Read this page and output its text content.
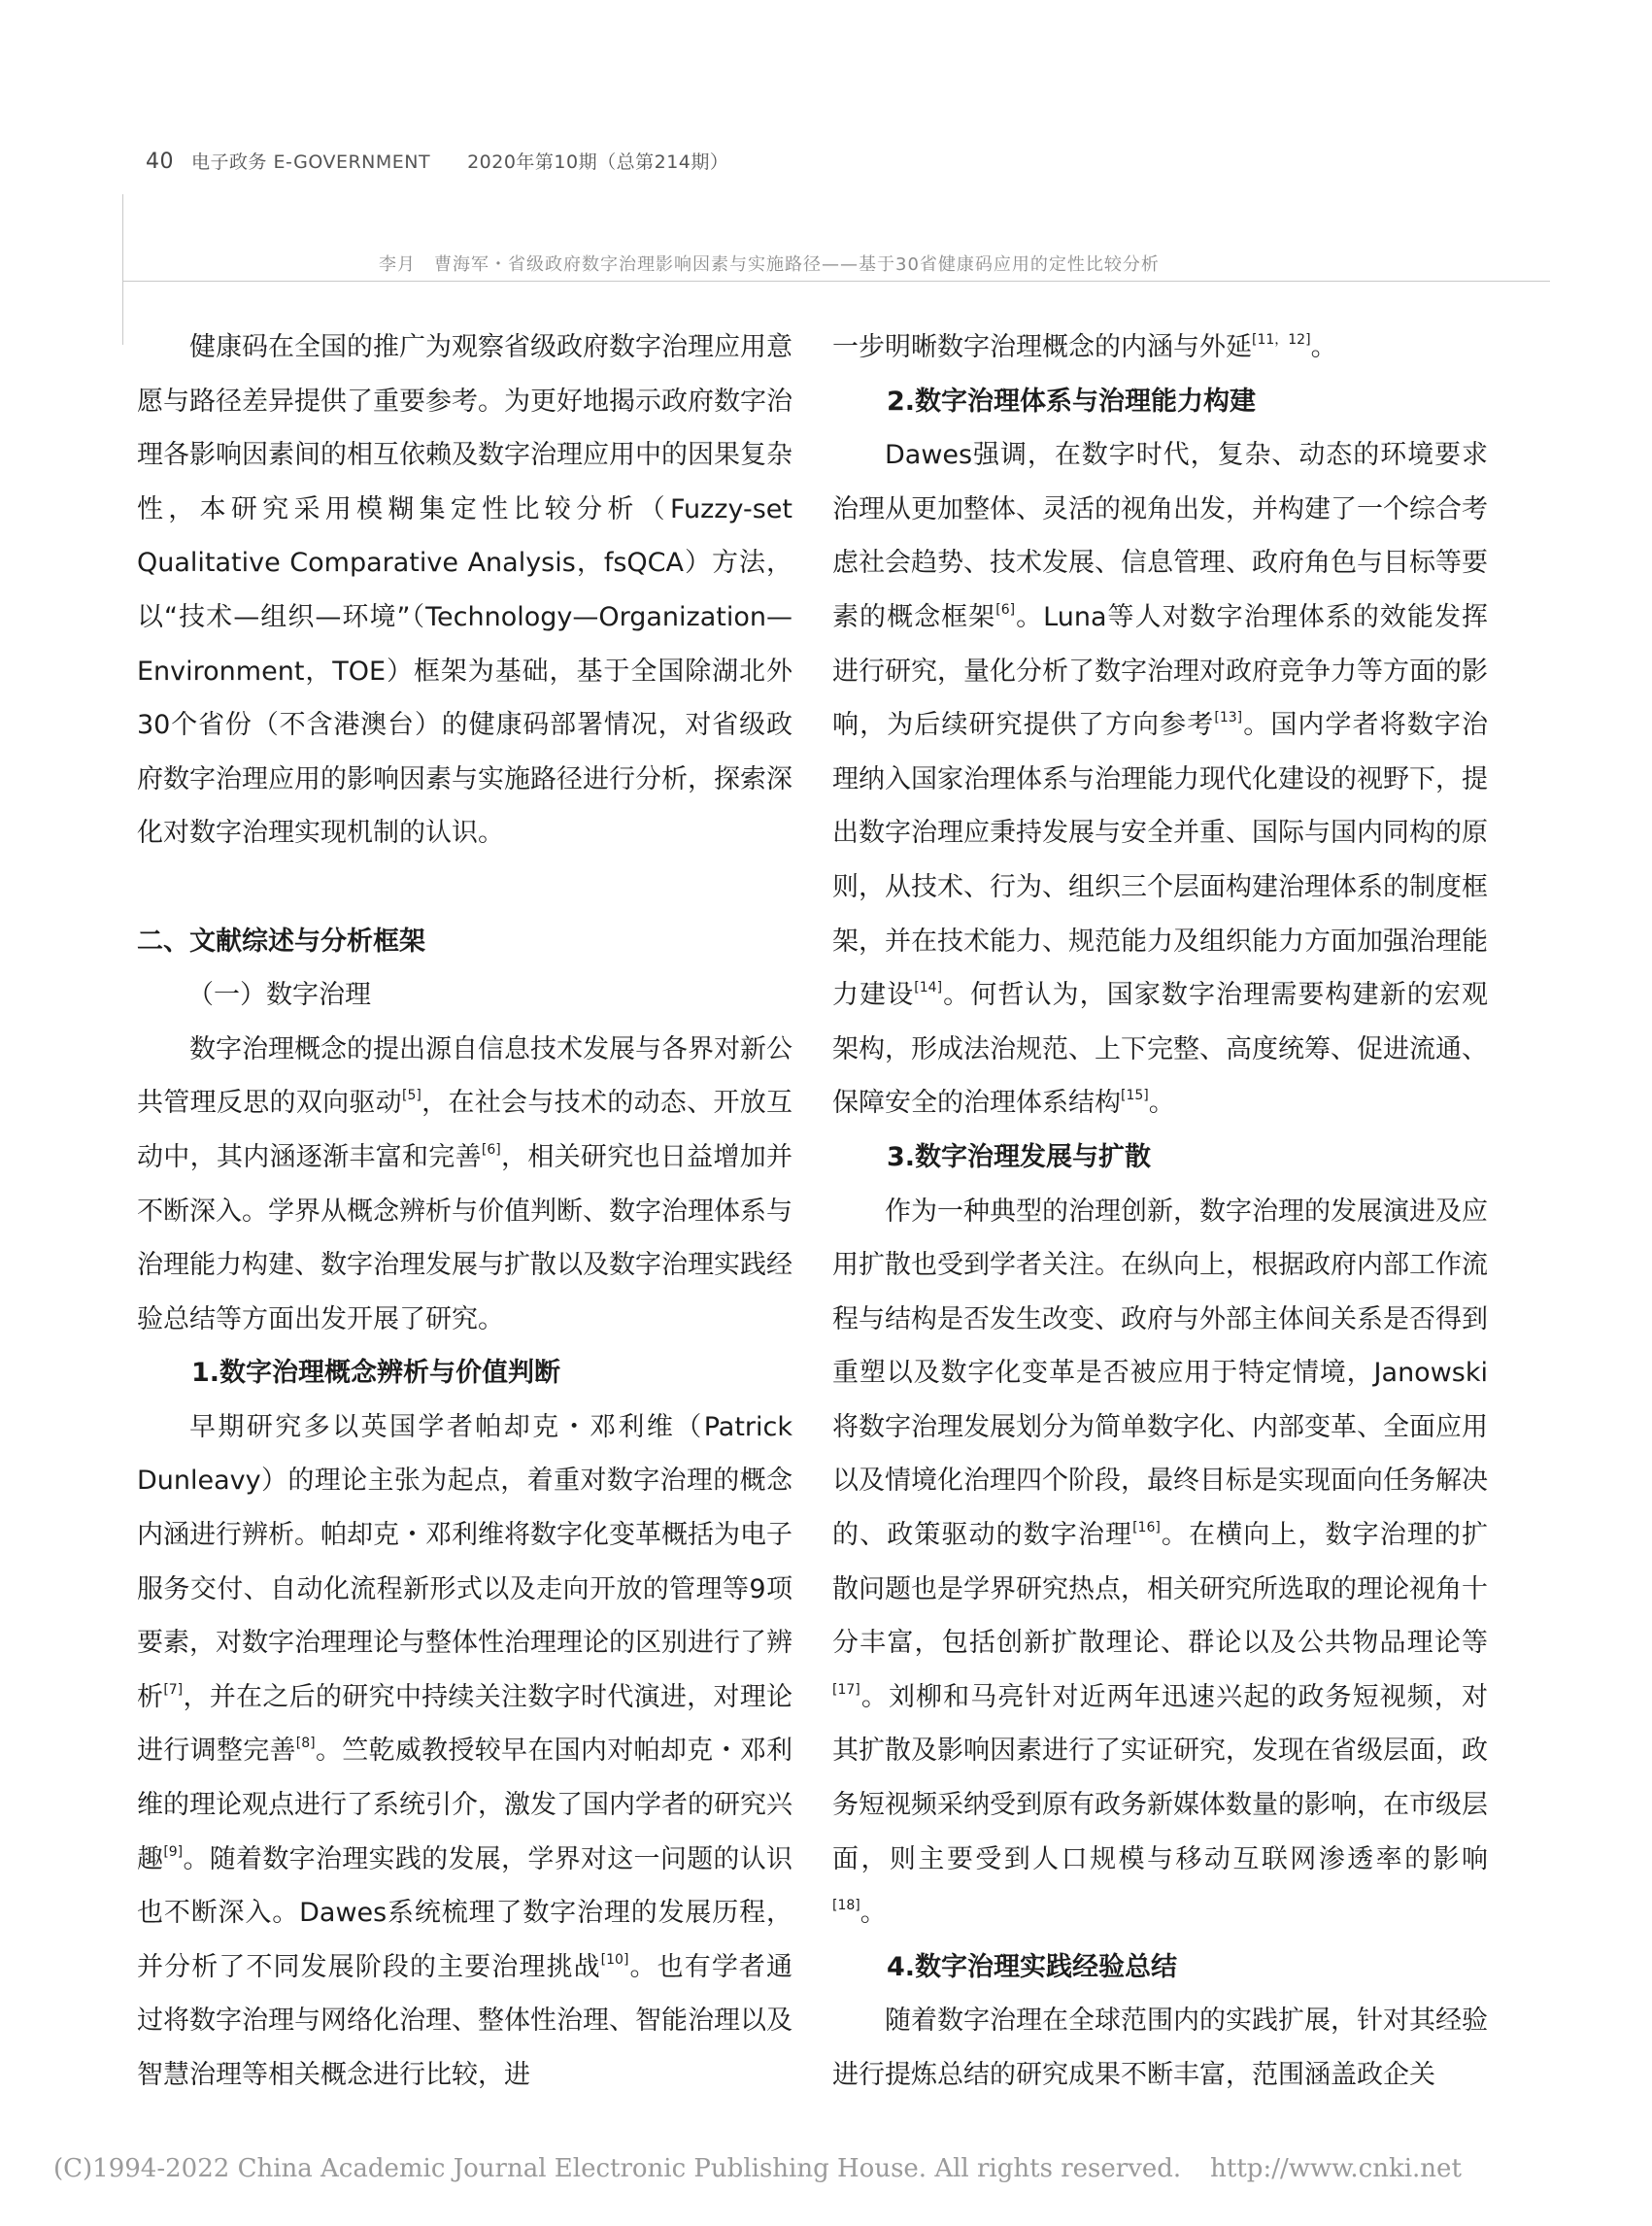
40 电子政务 E-GOVERNMENT 2020年第10期（总第214期）
李月　曹海军・省级政府数字治理影响因素与实施路径——基于30省健康码应用的定性比较分析

健康码在全国的推广为观察省级政府数字治理应用意愿与路径差异提供了重要参考。为更好地揭示政府数字治理各影响因素间的相互依赖及数字治理应用中的因果复杂性，本研究采用模糊集定性比较分析（Fuzzy-set Qualitative Comparative Analysis，fsQCA）方法，以“技术—组织—环境”（Technology—Organization—Environment，TOE）框架为基础，基于全国除湖北外30个省份（不含港澳台）的健康码部署情况，对省级政府数字治理应用的影响因素与实施路径进行分析，探索深化对数字治理实现机制的认识。

二、文献综述与分析框架
（一）数字治理

数字治理概念的提出源自信息技术发展与各界对新公共管理反思的双向驱动[5]，在社会与技术的动态、开放互动中，其内涵逐渐丰富和完善[6]，相关研究也日益增加并不断深入。学界从概念辨析与价值判断、数字治理体系与治理能力构建、数字治理发展与扩散以及数字治理实践经验总结等方面出发开展了研究。

1.数字治理概念辨析与价值判断

早期研究多以英国学者帕却克・邓利维（Patrick Dunleavy）的理论主张为起点，着重对数字治理的概念内涵进行辨析。帕却克・邓利维将数字化变革概括为电子服务交付、自动化流程新形式以及走向开放的管理等9项要素，对数字治理理论与整体性治理理论的区别进行了辨析[7]，并在之后的研究中持续关注数字时代演进，对理论进行调整完善[8]。竺乾威教授较早在国内对帕却克・邓利维的理论观点进行了系统引介，激发了国内学者的研究兴趣[9]。随着数字治理实践的发展，学界对这一问题的认识也不断深入。Dawes系统梳理了数字治理的发展历程，并分析了不同发展阶段的主要治理挑战[10]。也有学者通过将数字治理与网络化治理、整体性治理、智能治理以及智慧治理等相关概念进行比较，进

一步明晰数字治理概念的内涵与外延[11，12]。

2.数字治理体系与治理能力构建

Dawes强调，在数字时代，复杂、动态的环境要求治理从更加整体、灵活的视角出发，并构建了一个综合考虑社会趋势、技术发展、信息管理、政府角色与目标等要素的概念框架[6]。Luna等人对数字治理体系的效能发挥进行研究，量化分析了数字治理对政府竞争力等方面的影响，为后续研究提供了方向参考[13]。国内学者将数字治理纳入国家治理体系与治理能力现代化建设的视野下，提出数字治理应秉持发展与安全并重、国际与国内同构的原则，从技术、行为、组织三个层面构建治理体系的制度框架，并在技术能力、规范能力及组织能力方面加强治理能力建设[14]。何哲认为，国家数字治理需要构建新的宏观架构，形成法治规范、上下完整、高度统筹、促进流通、保障安全的治理体系结构[15]。

3.数字治理发展与扩散

作为一种典型的治理创新，数字治理的发展演进及应用扩散也受到学者关注。在纵向上，根据政府内部工作流程与结构是否发生改变、政府与外部主体间关系是否得到重塑以及数字化变革是否被应用于特定情境，Janowski将数字治理发展划分为简单数字化、内部变革、全面应用以及情境化治理四个阶段，最终目标是实现面向任务解决的、政策驱动的数字治理[16]。在横向上，数字治理的扩散问题也是学界研究热点，相关研究所选取的理论视角十分丰富，包括创新扩散理论、群论以及公共物品理论等[17]。刘柳和马亮针对近两年迅速兴起的政务短视频，对其扩散及影响因素进行了实证研究，发现在省级层面，政务短视频采纳受到原有政务新媒体数量的影响，在市级层面，则主要受到人口规模与移动互联网渗透率的影响[18]。

4.数字治理实践经验总结

随着数字治理在全球范围内的实践扩展，针对其经验进行提炼总结的研究成果不断丰富，范围涵盖政企关

(C)1994-2022 China Academic Journal Electronic Publishing House. All rights reserved. http://www.cnki.net
